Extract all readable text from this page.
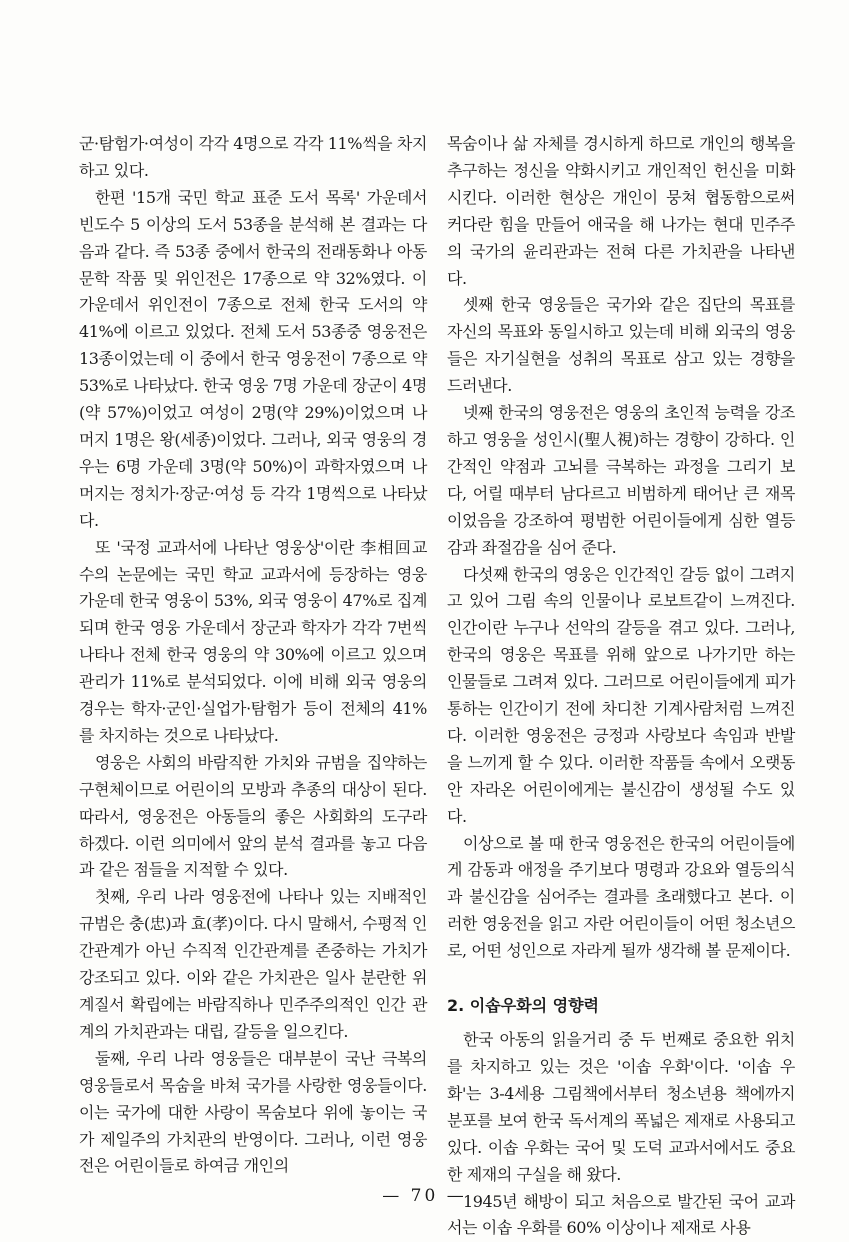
군·탐험가·여성이 각각 4명으로 각각 11%씩을 차지하고 있다.

한편 '15개 국민 학교 표준 도서 목록' 가운데서 빈도수 5 이상의 도서 53종을 분석해 본 결과는 다음과 같다. 즉 53종 중에서 한국의 전래동화나 아동문학 작품 및 위인전은 17종으로 약 32%였다. 이 가운데서 위인전이 7종으로 전체 한국 도서의 약 41%에 이르고 있었다. 전체 도서 53종중 영웅전은 13종이었는데 이 중에서 한국 영웅전이 7종으로 약 53%로 나타났다. 한국 영웅 7명 가운데 장군이 4명(약 57%)이었고 여성이 2명(약 29%)이었으며 나머지 1명은 왕(세종)이었다. 그러나, 외국 영웅의 경우는 6명 가운데 3명(약 50%)이 과학자였으며 나머지는 정치가·장군·여성 등 각각 1명씩으로 나타났다.

또 '국정 교과서에 나타난 영웅상'이란 李相回교수의 논문에는 국민 학교 교과서에 등장하는 영웅 가운데 한국 영웅이 53%, 외국 영웅이 47%로 집계되며 한국 영웅 가운데서 장군과 학자가 각각 7번씩 나타나 전체 한국 영웅의 약 30%에 이르고 있으며 관리가 11%로 분석되었다. 이에 비해 외국 영웅의 경우는 학자·군인·실업가·탐험가 등이 전체의 41%를 차지하는 것으로 나타났다.

영웅은 사회의 바람직한 가치와 규범을 집약하는 구현체이므로 어린이의 모방과 추종의 대상이 된다. 따라서, 영웅전은 아동들의 좋은 사회화의 도구라 하겠다. 이런 의미에서 앞의 분석 결과를 놓고 다음과 같은 점들을 지적할 수 있다.

첫째, 우리 나라 영웅전에 나타나 있는 지배적인 규범은 충(忠)과 효(孝)이다. 다시 말해서, 수평적 인간관계가 아닌 수직적 인간관계를 존중하는 가치가 강조되고 있다. 이와 같은 가치관은 일사 분란한 위계질서 확립에는 바람직하나 민주주의적인 인간 관계의 가치관과는 대립, 갈등을 일으킨다.

둘째, 우리 나라 영웅들은 대부분이 국난 극복의 영웅들로서 목숨을 바쳐 국가를 사랑한 영웅들이다. 이는 국가에 대한 사랑이 목숨보다 위에 놓이는 국가 제일주의 가치관의 반영이다. 그러나, 이런 영웅전은 어린이들로 하여금 개인의

목숨이나 삶 자체를 경시하게 하므로 개인의 행복을 추구하는 정신을 약화시키고 개인적인 헌신을 미화시킨다. 이러한 현상은 개인이 뭉쳐 협동함으로써 커다란 힘을 만들어 애국을 해 나가는 현대 민주주의 국가의 윤리관과는 전혀 다른 가치관을 나타낸다.

셋째 한국 영웅들은 국가와 같은 집단의 목표를 자신의 목표와 동일시하고 있는데 비해 외국의 영웅들은 자기실현을 성취의 목표로 삼고 있는 경향을 드러낸다.

넷째 한국의 영웅전은 영웅의 초인적 능력을 강조하고 영웅을 성인시(聖人視)하는 경향이 강하다. 인간적인 약점과 고뇌를 극복하는 과정을 그리기 보다, 어릴 때부터 남다르고 비범하게 태어난 큰 재목이었음을 강조하여 평범한 어린이들에게 심한 열등감과 좌절감을 심어 준다.

다섯째 한국의 영웅은 인간적인 갈등 없이 그려지고 있어 그림 속의 인물이나 로보트같이 느껴진다. 인간이란 누구나 선악의 갈등을 겪고 있다. 그러나, 한국의 영웅은 목표를 위해 앞으로 나가기만 하는 인물들로 그려져 있다. 그러므로 어린이들에게 피가 통하는 인간이기 전에 차디찬 기계사람처럼 느껴진다. 이러한 영웅전은 긍정과 사랑보다 속임과 반발을 느끼게 할 수 있다. 이러한 작품들 속에서 오랫동안 자라온 어린이에게는 불신감이 생성될 수도 있다.

이상으로 볼 때 한국 영웅전은 한국의 어린이들에게 감동과 애정을 주기보다 명령과 강요와 열등의식과 불신감을 심어주는 결과를 초래했다고 본다. 이러한 영웅전을 읽고 자란 어린이들이 어떤 청소년으로, 어떤 성인으로 자라게 될까 생각해 볼 문제이다.

2. 이솝우화의 영향력

한국 아동의 읽을거리 중 두 번째로 중요한 위치를 차지하고 있는 것은 '이솝 우화'이다. '이솝 우화'는 3-4세용 그림책에서부터 청소년용 책에까지 분포를 보여 한국 독서계의 폭넓은 제재로 사용되고 있다. 이솝 우화는 국어 및 도덕 교과서에서도 중요한 제재의 구실을 해 왔다.

1945년 해방이 되고 처음으로 발간된 국어 교과서는 이솝 우화를 60% 이상이나 제재로 사용

— 70 —
